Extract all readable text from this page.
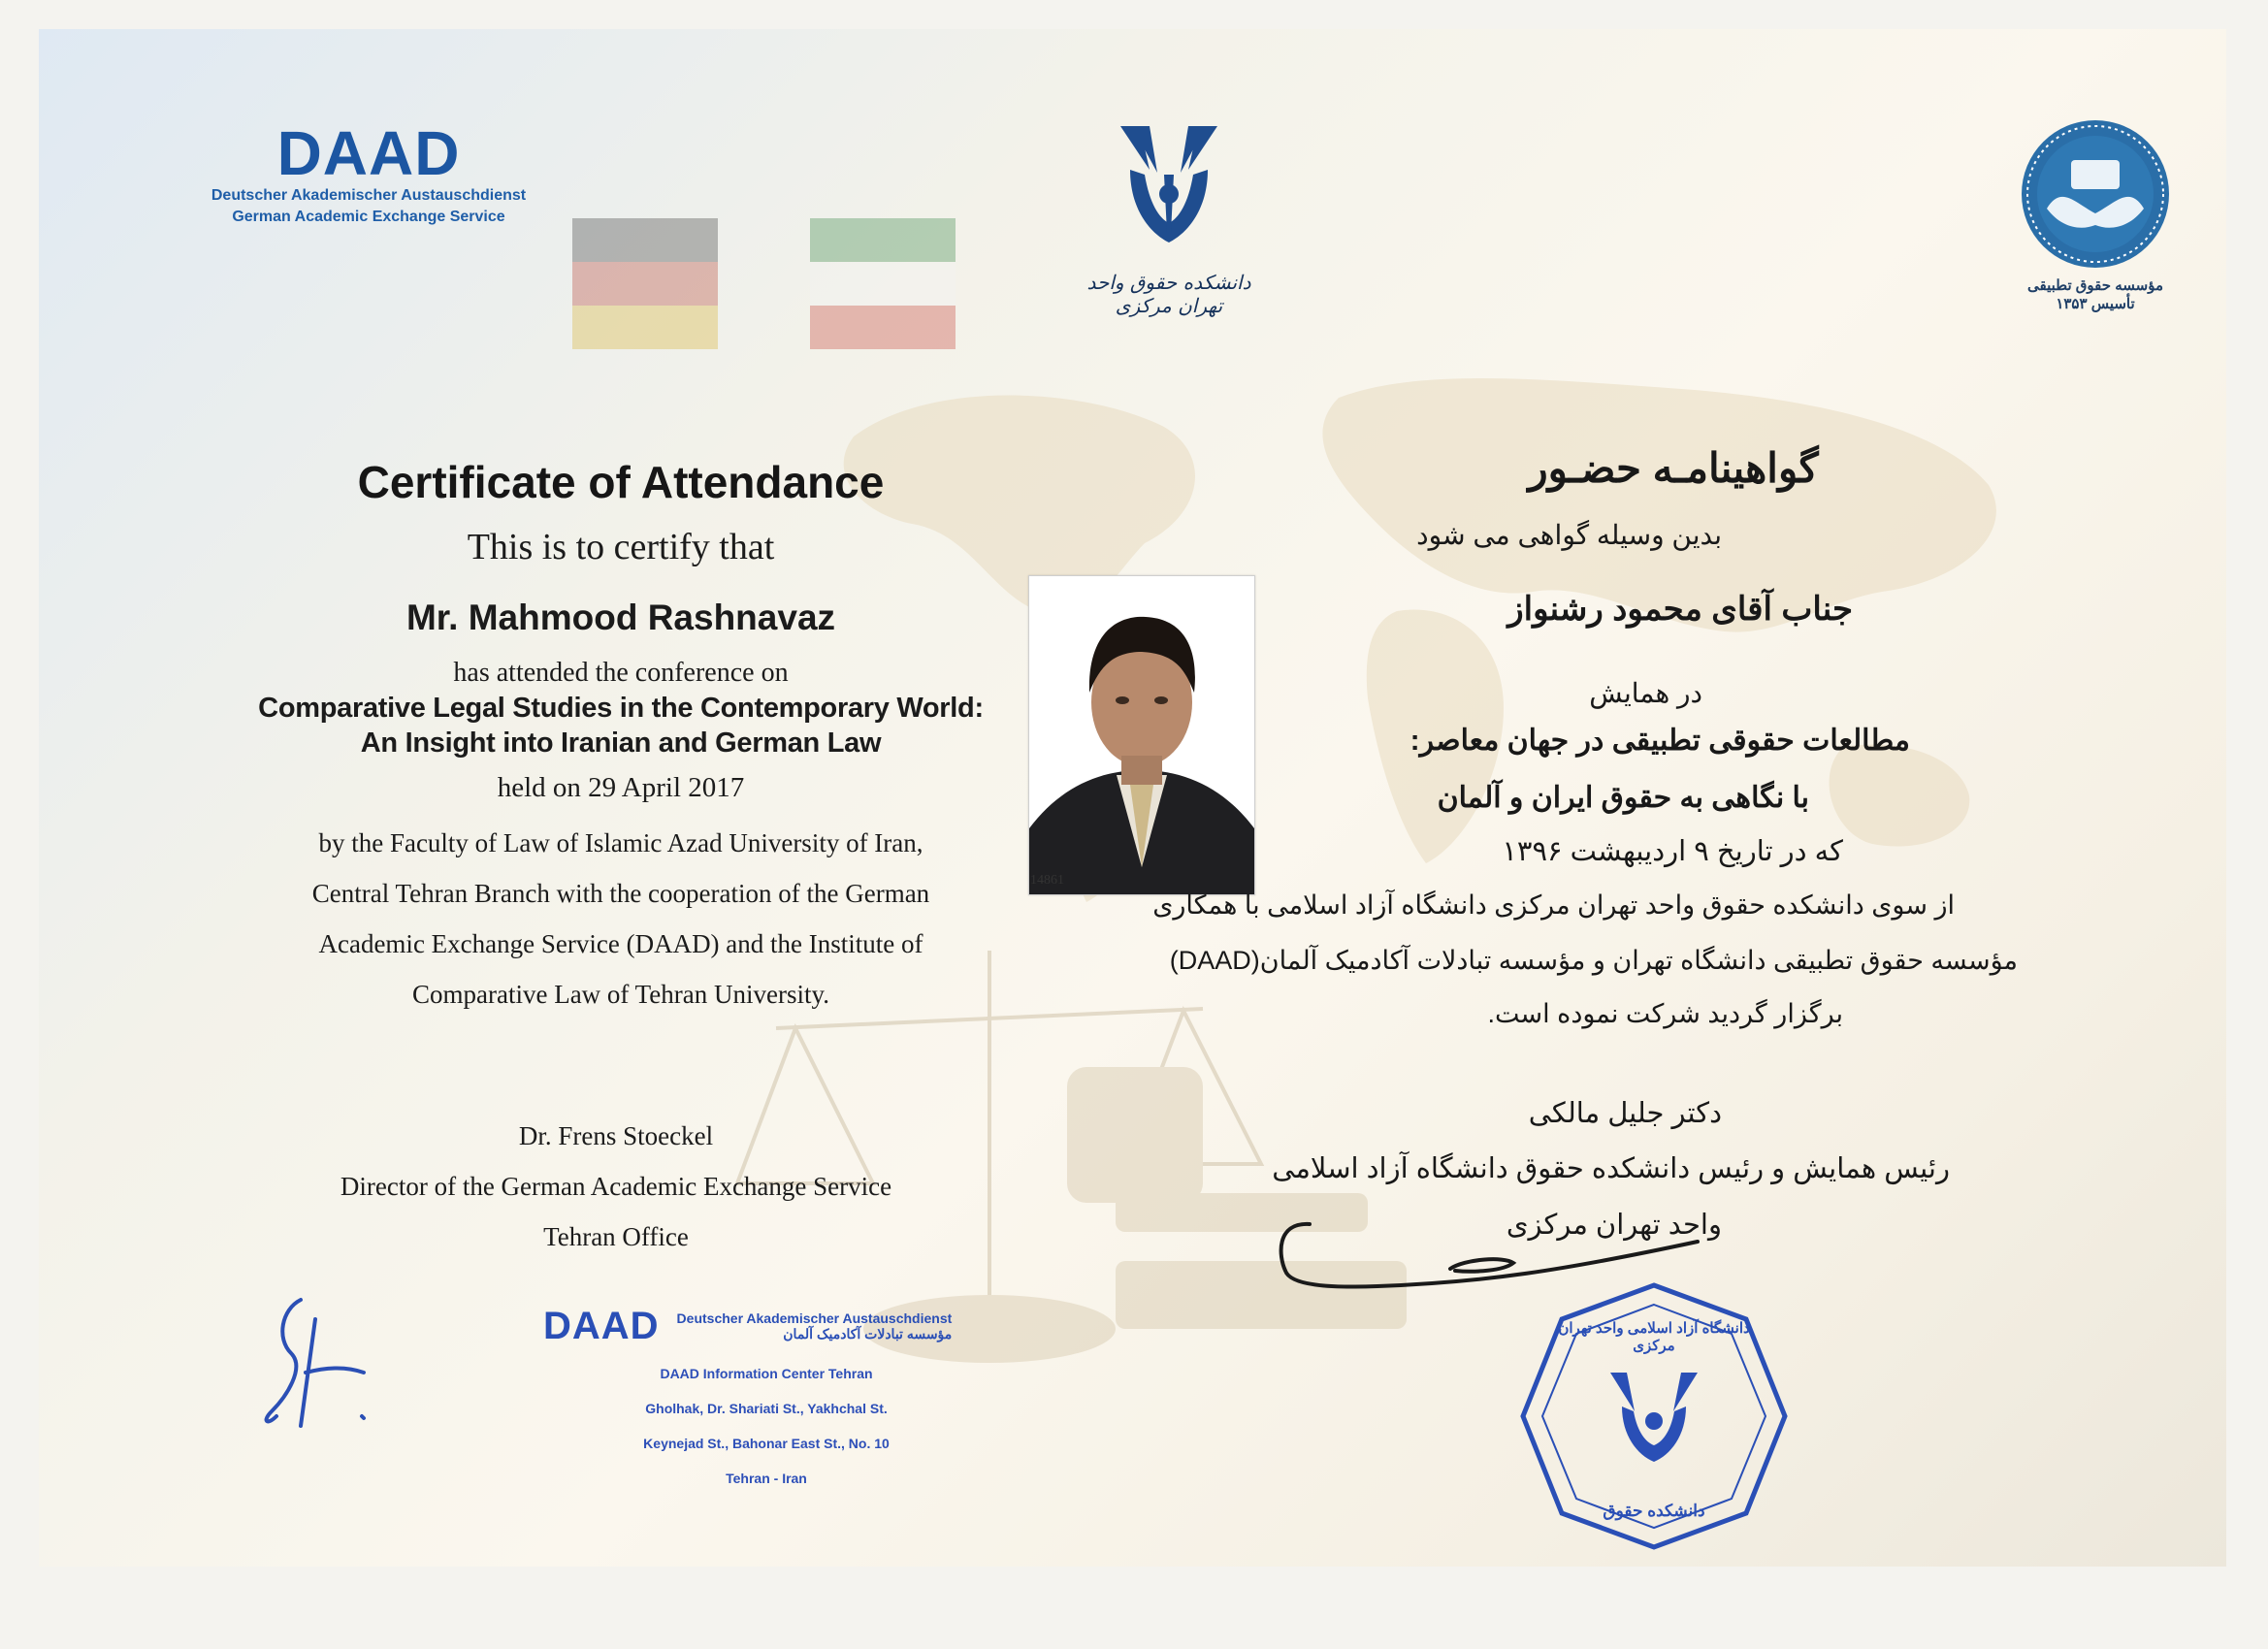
DAAD
Deutscher Akademischer Austauschdienst
German Academic Exchange Service
دانشکده حقوق واحد تهران مرکزی
مؤسسه حقوق تطبیقی
تأسیس ۱۳۵۳
Certificate of Attendance
This is to certify that
Mr. Mahmood Rashnavaz
has attended the conference on
Comparative Legal Studies in the Contemporary World:
An Insight into Iranian and German Law
held on 29 April 2017
by the Faculty of Law of Islamic Azad University of Iran,
Central Tehran Branch with the cooperation of the German
Academic Exchange Service (DAAD) and the Institute of
Comparative Law of Tehran University.
Dr. Frens Stoeckel
Director of the German Academic Exchange Service
Tehran Office
14861
گواهینامـه حضـور
بدین وسیله گواهی می شود
جناب آقای محمود رشنواز
در همایش
مطالعات حقوقی تطبیقی در جهان معاصر:
با نگاهی به حقوق ایران و آلمان
که در تاریخ ۹ اردیبهشت ۱۳۹۶
از سوی دانشکده حقوق واحد تهران مرکزی دانشگاه آزاد اسلامی با همکاری
مؤسسه حقوق تطبیقی دانشگاه تهران و مؤسسه تبادلات آکادمیک آلمان(DAAD)
برگزار گردید شرکت نموده است.
دکتر جلیل مالکی
رئیس همایش و رئیس دانشکده حقوق دانشگاه آزاد اسلامی
واحد تهران مرکزی
DAAD Deutscher Akademischer Austauschdienst
مؤسسه تبادلات آکادمیک آلمان
DAAD Information Center Tehran
Gholhak, Dr. Shariati St., Yakhchal St.
Keynejad St., Bahonar East St., No. 10
Tehran - Iran
دانشگاه آزاد اسلامی واحد تهران مرکزی
دانشکده حقوق
